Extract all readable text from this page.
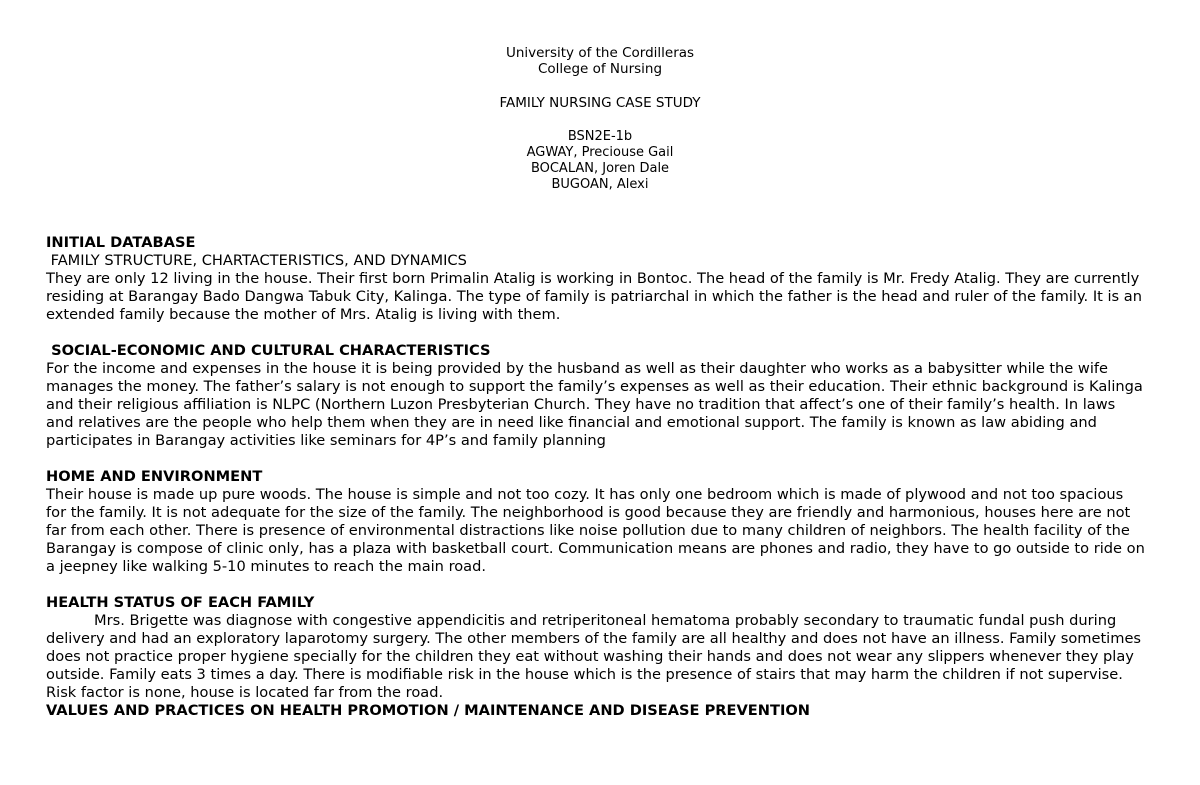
University of the Cordilleras
College of Nursing
FAMILY NURSING CASE STUDY
BSN2E-1b
AGWAY, Preciouse Gail
BOCALAN, Joren Dale
BUGOAN, Alexi
INITIAL DATABASE
FAMILY STRUCTURE, CHARTACTERISTICS, AND DYNAMICS

They are only 12 living in the house. Their first born Primalin Atalig is working in Bontoc. The head of the family is Mr. Fredy Atalig. They are currently residing at Barangay Bado Dangwa Tabuk City, Kalinga. The type of family is patriarchal in which the father is the head and ruler of the family. It is an extended family because the mother of Mrs. Atalig is living with them.

SOCIAL-ECONOMIC AND CULTURAL CHARACTERISTICS

For the income and expenses in the house it is being provided by the husband as well as their daughter who works as a babysitter while the wife manages the money. The father’s salary is not enough to support the family’s expenses as well as their education. Their ethnic background is Kalinga and their religious affiliation is NLPC (Northern Luzon Presbyterian Church. They have no tradition that affect’s one of their family’s health. In laws and relatives are the people who help them when they are in need like financial and emotional support. The family is known as law abiding and participates in Barangay activities like seminars for 4P’s and family planning

HOME AND ENVIRONMENT

Their house is made up pure woods. The house is simple and not too cozy. It has only one bedroom which is made of plywood and not too spacious for the family. It is not adequate for the size of the family. The neighborhood is good because they are friendly and harmonious, houses here are not far from each other. There is presence of environmental distractions like noise pollution due to many children of neighbors. The health facility of the Barangay is compose of clinic only, has a plaza with basketball court. Communication means are phones and radio, they have to go outside to ride on a jeepney like walking 5-10 minutes to reach the main road.

HEALTH STATUS OF EACH FAMILY

Mrs. Brigette was diagnose with congestive appendicitis and retriperitoneal hematoma probably secondary to traumatic fundal push during delivery and had an exploratory laparotomy surgery. The other members of the family are all healthy and does not have an illness. Family sometimes does not practice proper hygiene specially for the children they eat without washing their hands and does not wear any slippers whenever they play outside. Family eats 3 times a day. There is modifiable risk in the house which is the presence of stairs that may harm the children if not supervise. Risk factor is none, house is located far from the road.

VALUES AND PRACTICES ON HEALTH PROMOTION / MAINTENANCE AND DISEASE PREVENTION
